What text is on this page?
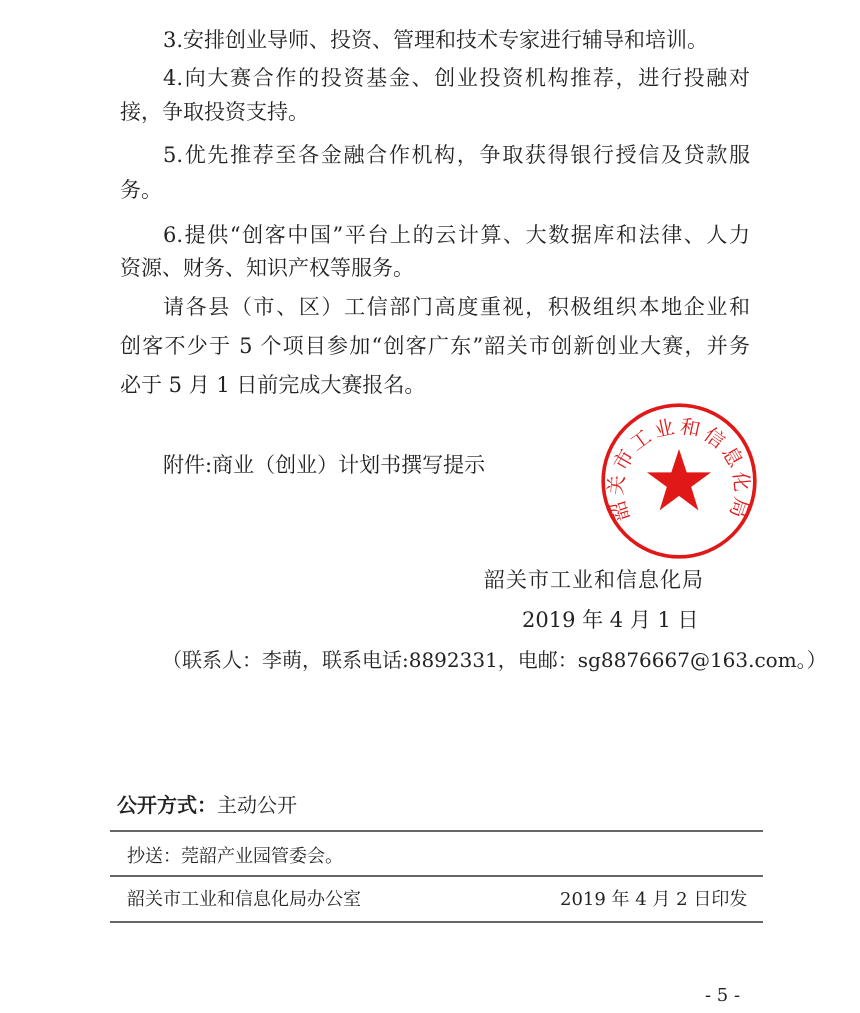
3.安排创业导师、投资、管理和技术专家进行辅导和培训。
4.向大赛合作的投资基金、创业投资机构推荐，进行投融对
接，争取投资支持。
5.优先推荐至各金融合作机构，争取获得银行授信及贷款服
务。
6.提供“创客中国”平台上的云计算、大数据库和法律、人力
资源、财务、知识产权等服务。
请各县（市、区）工信部门高度重视，积极组织本地企业和
创客不少于 5 个项目参加“创客广东”韶关市创新创业大赛，并务
必于 5 月 1 日前完成大赛报名。
附件:商业（创业）计划书撰写提示
韶关市工业和信息化局
韶关市工业和信息化局
2019 年 4 月 1 日
（联系人：李萌，联系电话:8892331，电邮：sg8876667@163.com。）
公开方式：主动公开
抄送：莞韶产业园管委会。
韶关市工业和信息化局办公室	2019 年 4 月 2 日印发
- 5 -
